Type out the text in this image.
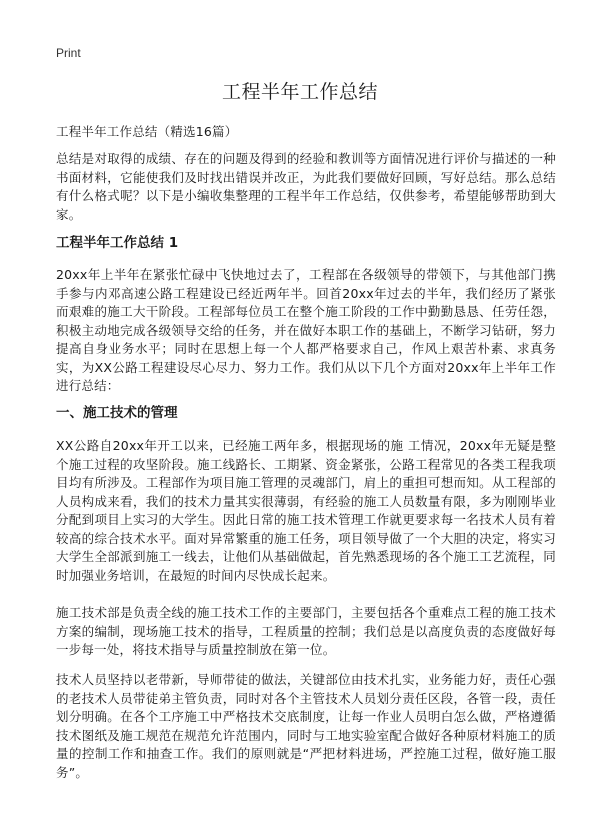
Print
工程半年工作总结

工程半年工作总结（精选16篇）

总结是对取得的成绩、存在的问题及得到的经验和教训等方面情况进行评价与描述的一种书面材料，它能使我们及时找出错误并改正，为此我们要做好回顾，写好总结。那么总结有什么格式呢？以下是小编收集整理的工程半年工作总结，仅供参考，希望能够帮助到大家。

工程半年工作总结 1

20xx年上半年在紧张忙碌中飞快地过去了，工程部在各级领导的带领下，与其他部门携手参与内邓高速公路工程建设已经近两年半。回首20xx年过去的半年，我们经历了紧张而艰难的施工大干阶段。工程部每位员工在整个施工阶段的工作中勤勤恳恳、任劳任怨，积极主动地完成各级领导交给的任务，并在做好本职工作的基础上，不断学习钻研，努力提高自身业务水平；同时在思想上每一个人都严格要求自己，作风上艰苦朴素、求真务实，为XX公路工程建设尽心尽力、努力工作。我们从以下几个方面对20xx年上半年工作进行总结：

一、施工技术的管理

XX公路自20xx年开工以来，已经施工两年多，根据现场的施 工情况，20xx年无疑是整个施工过程的攻坚阶段。施工线路长、工期紧、资金紧张，公路工程常见的各类工程我项目均有所涉及。工程部作为项目施工管理的灵魂部门，肩上的重担可想而知。从工程部的人员构成来看，我们的技术力量其实很薄弱，有经验的施工人员数量有限，多为刚刚毕业分配到项目上实习的大学生。因此日常的施工技术管理工作就更要求每一名技术人员有着较高的综合技术水平。面对异常繁重的施工任务，项目领导做了一个大胆的决定，将实习大学生全部派到施工一线去，让他们从基础做起，首先熟悉现场的各个施工工艺流程，同时加强业务培训，在最短的时间内尽快成长起来。

施工技术部是负责全线的施工技术工作的主要部门，主要包括各个重难点工程的施工技术方案的编制，现场施工技术的指导，工程质量的控制；我们总是以高度负责的态度做好每一步每一处，将技术指导与质量控制放在第一位。

技术人员坚持以老带新，导师带徒的做法，关键部位由技术扎实，业务能力好，责任心强的老技术人员带徒弟主管负责，同时对各个主管技术人员划分责任区段，各管一段，责任划分明确。在各个工序施工中严格技术交底制度，让每一作业人员明白怎么做，严格遵循技术图纸及施工规范在规范允许范围内，同时与工地实验室配合做好各种原材料施工的质量的控制工作和抽查工作。我们的原则就是“严把材料进场，严控施工过程，做好施工服务”。
